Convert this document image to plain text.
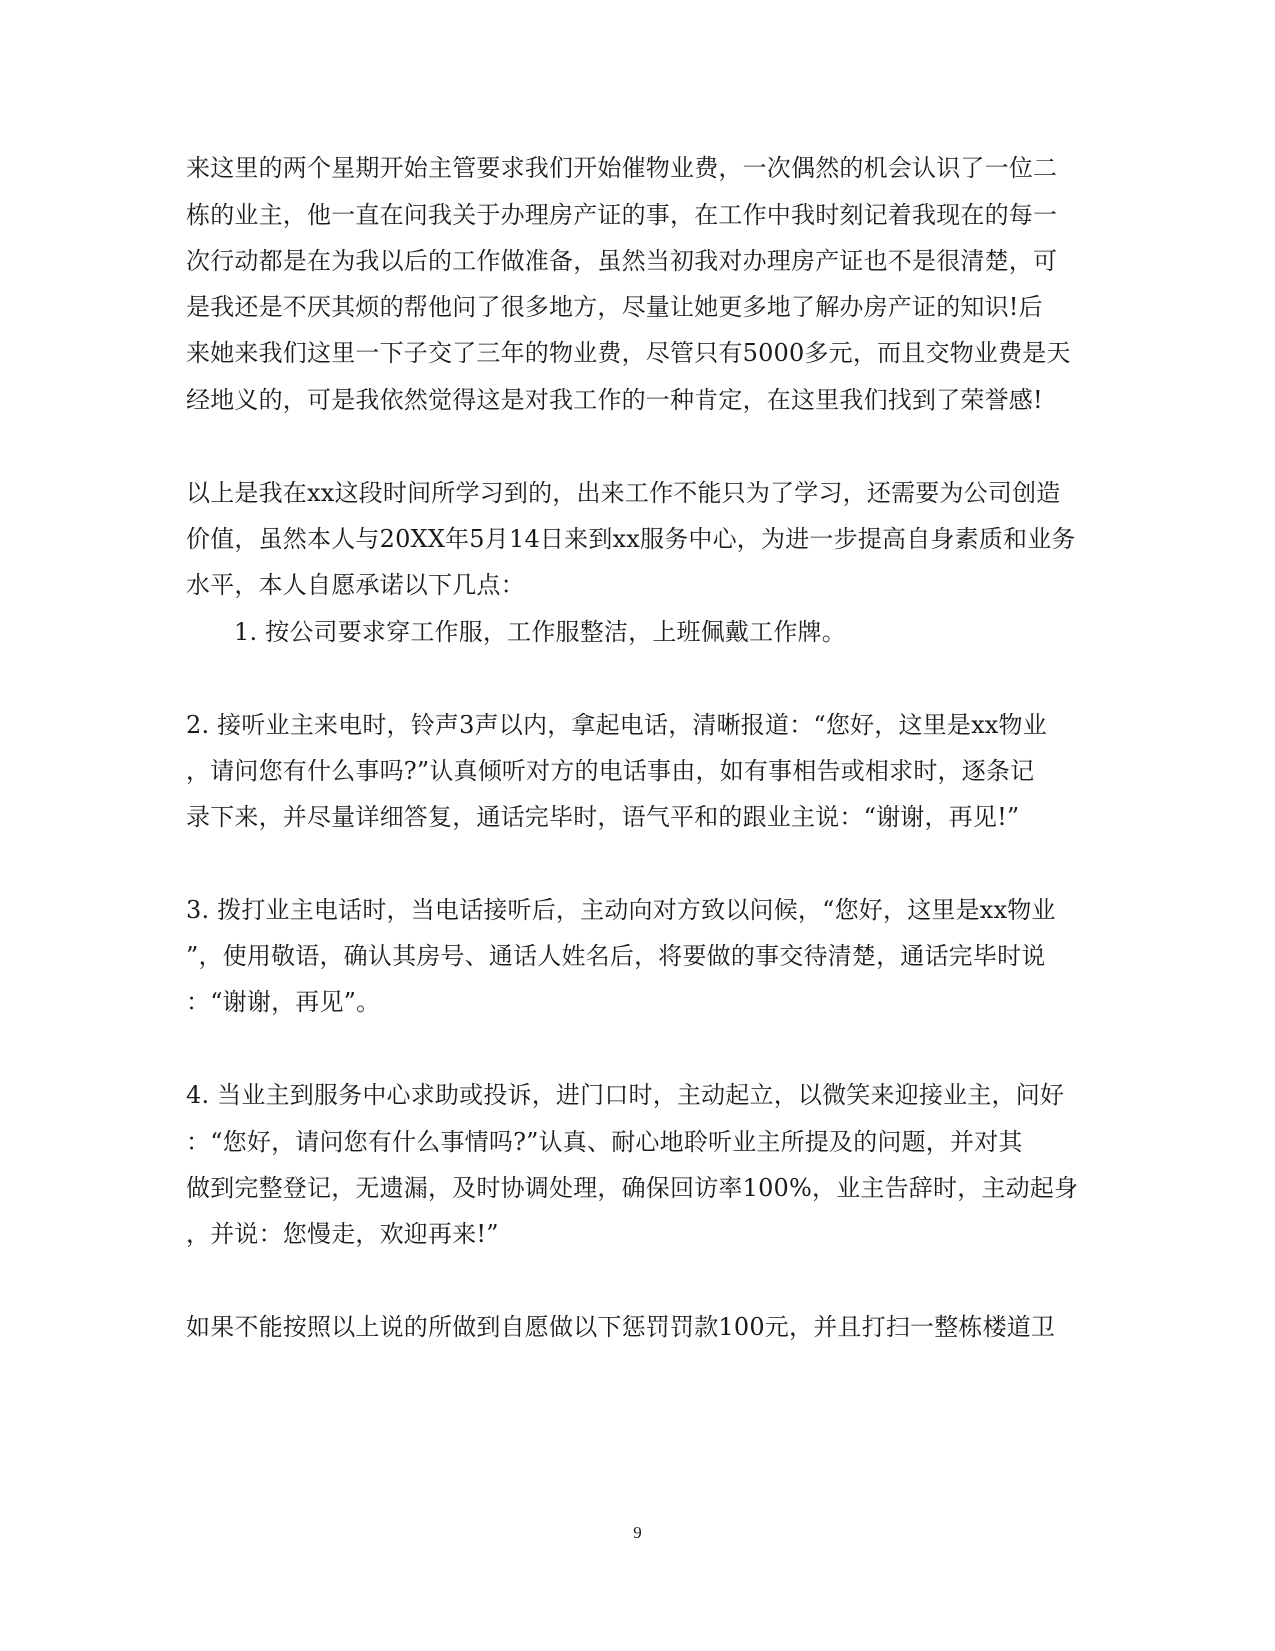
来这里的两个星期开始主管要求我们开始催物业费，一次偶然的机会认识了一位二
栋的业主，他一直在问我关于办理房产证的事，在工作中我时刻记着我现在的每一
次行动都是在为我以后的工作做准备，虽然当初我对办理房产证也不是很清楚，可
是我还是不厌其烦的帮他问了很多地方，尽量让她更多地了解办房产证的知识!后
来她来我们这里一下子交了三年的物业费，尽管只有5000多元，而且交物业费是天
经地义的，可是我依然觉得这是对我工作的一种肯定，在这里我们找到了荣誉感!
以上是我在xx这段时间所学习到的，出来工作不能只为了学习，还需要为公司创造
价值，虽然本人与20XX年5月14日来到xx服务中心，为进一步提高自身素质和业务
水平，本人自愿承诺以下几点：
1. 按公司要求穿工作服，工作服整洁，上班佩戴工作牌。
2. 接听业主来电时，铃声3声以内，拿起电话，清晰报道：“您好，这里是xx物业
，请问您有什么事吗?”认真倾听对方的电话事由，如有事相告或相求时，逐条记
录下来，并尽量详细答复，通话完毕时，语气平和的跟业主说：“谢谢，再见!”
3. 拨打业主电话时，当电话接听后，主动向对方致以问候，“您好，这里是xx物业
”，使用敬语，确认其房号、通话人姓名后，将要做的事交待清楚，通话完毕时说
：“谢谢，再见”。
4. 当业主到服务中心求助或投诉，进门口时，主动起立，以微笑来迎接业主，问好
：“您好，请问您有什么事情吗?”认真、耐心地聆听业主所提及的问题，并对其
做到完整登记，无遗漏，及时协调处理，确保回访率100%，业主告辞时，主动起身
，并说：您慢走，欢迎再来!”
如果不能按照以上说的所做到自愿做以下惩罚罚款100元，并且打扫一整栋楼道卫
9
